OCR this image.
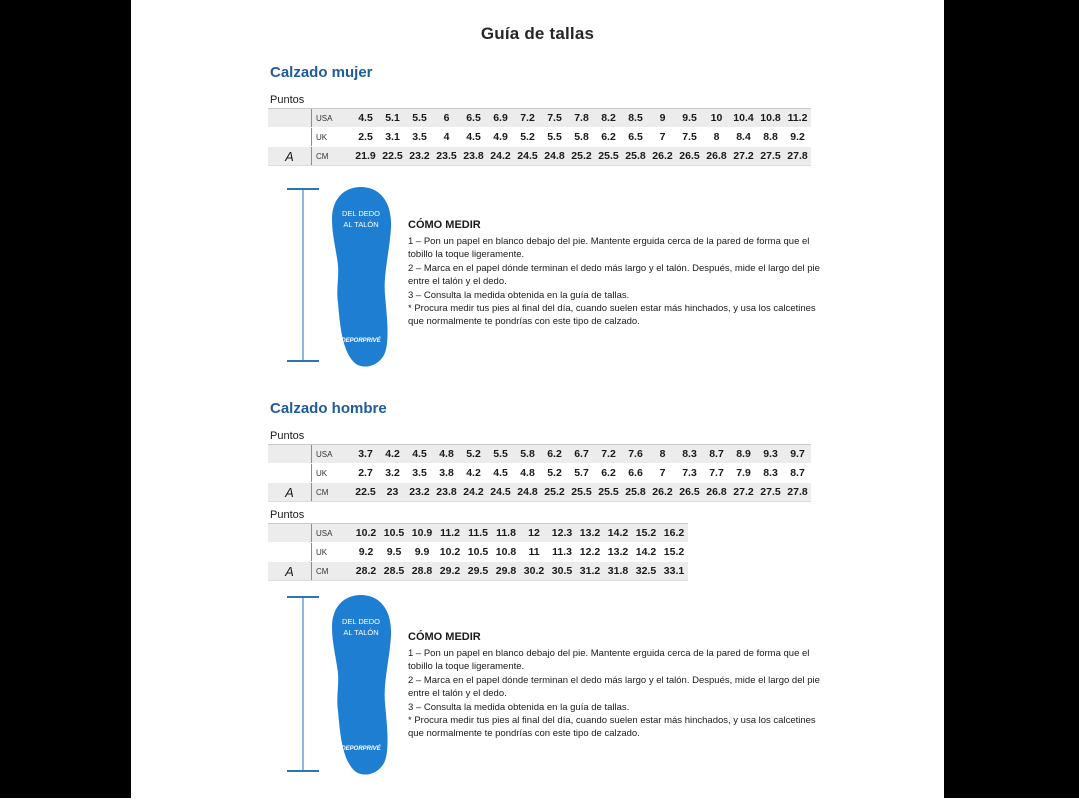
Guía de tallas
Calzado mujer
Puntos
USA	4.5	5.1	5.5	6	6.5	6.9	7.2	7.5	7.8	8.2	8.5	9	9.5	10	10.4 10.8 11.2
UK	2.5	3.1	3.5	4	4.5	4.9	5.2	5.5	5.8	6.2	6.5	7	7.5	8	8.4	8.8	9.2
A	CM	21.9 22.5 23.2 23.5 23.8 24.2 24.5 24.8 25.2 25.5 25.8 26.2 26.5 26.8 27.2 27.5 27.8
DEL DEDO
AL TALÓN
DEPORPRIVÉ
CÓMO MEDIR

1 – Pon un papel en blanco debajo del pie. Mantente erguida cerca de la pared de forma que el tobillo la toque ligeramente.

2 – Marca en el papel dónde terminan el dedo más largo y el talón. Después, mide el largo del pie entre el talón y el dedo.

3 – Consulta la medida obtenida en la guía de tallas.

* Procura medir tus pies al final del día, cuando suelen estar más hinchados, y usa los calcetines que normalmente te pondrías con este tipo de calzado.

Calzado hombre
Puntos
USA	3.7	4.2	4.5	4.8	5.2	5.5	5.8	6.2	6.7	7.2	7.6	8	8.3	8.7	8.9	9.3	9.7
UK	2.7	3.2	3.5	3.8	4.2	4.5	4.8	5.2	5.7	6.2	6.6	7	7.3	7.7	7.9	8.3	8.7
A	CM	22.5	23	23.2 23.8 24.2 24.5 24.8 25.2 25.5 25.5 25.8 26.2 26.5 26.8 27.2 27.5 27.8
Puntos
USA	10.2 10.5 10.9 11.2 11.5 11.8	12	12.3 13.2 14.2 15.2 16.2
UK	9.2	9.5	9.9 10.2 10.5 10.8	11	11.3 12.2 13.2 14.2 15.2
A	CM	28.2 28.5 28.8 29.2 29.5 29.8 30.2 30.5 31.2 31.8 32.5 33.1
DEL DEDO
AL TALÓN
DEPORPRIVÉ
CÓMO MEDIR

1 – Pon un papel en blanco debajo del pie. Mantente erguida cerca de la pared de forma que el tobillo la toque ligeramente.

2 – Marca en el papel dónde terminan el dedo más largo y el talón. Después, mide el largo del pie entre el talón y el dedo.

3 – Consulta la medida obtenida en la guía de tallas.

* Procura medir tus pies al final del día, cuando suelen estar más hinchados, y usa los calcetines que normalmente te pondrías con este tipo de calzado.
